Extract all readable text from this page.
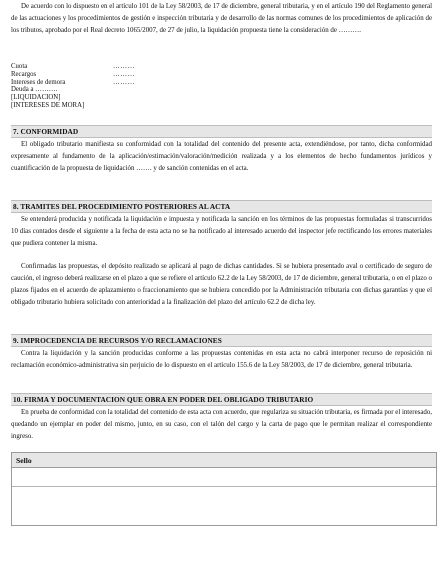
De acuerdo con lo dispuesto en el artículo 101 de la Ley 58/2003, de 17 de diciembre, general tributaria, y en el artículo 190 del Reglamento general de las actuaciones y los procedimientos de gestión e inspección tributaria y de desarrollo de las normas comunes de los procedimientos de aplicación de los tributos, aprobado por el Real decreto 1065/2007, de 27 de julio, la liquidación propuesta tiene la consideración de ……….

Cuota	………
Recargos	………
Intereses de demora	………
Deuda a ……….
[LIQUIDACION]
[INTERESES DE MORA]
7. CONFORMIDAD

El obligado tributario manifiesta su conformidad con la totalidad del contenido del presente acta, extendiéndose, por tanto, dicha conformidad expresamente al fundamento de la aplicación/estimación/valoración/medición realizada y a los elementos de hecho fundamentos jurídicos y cuantificación de la propuesta de liquidación ……. y de sanción contenidas en el acta.

8. TRAMITES DEL PROCEDIMIENTO POSTERIORES AL ACTA

Se entenderá producida y notificada la liquidación e impuesta y notificada la sanción en los términos de las propuestas formuladas si transcurridos 10 días contados desde el siguiente a la fecha de esta acta no se ha notificado al interesado acuerdo del inspector jefe rectificando los errores materiales que pudiera contener la misma.

Confirmadas las propuestas, el depósito realizado se aplicará al pago de dichas cantidades. Si se hubiera presentado aval o certificado de seguro de caución, el ingreso deberá realizarse en el plazo a que se refiere el artículo 62.2 de la Ley 58/2003, de 17 de diciembre, general tributaria, o en el plazo o plazos fijados en el acuerdo de aplazamiento o fraccionamiento que se hubiera concedido por la Administración tributaria con dichas garantías y que el obligado tributario hubiera solicitado con anterioridad a la finalización del plazo del artículo 62.2 de dicha ley.

9. IMPROCEDENCIA DE RECURSOS Y/O RECLAMACIONES

Contra la liquidación y la sanción producidas conforme a las propuestas contenidas en esta acta no cabrá interponer recurso de reposición ni reclamación económico-administrativa sin perjuicio de lo dispuesto en el artículo 155.6 de la Ley 58/2003, de 17 de diciembre, general tributaria.

10. FIRMA Y DOCUMENTACION QUE OBRA EN PODER DEL OBLIGADO TRIBUTARIO

En prueba de conformidad con la totalidad del contenido de esta acta con acuerdo, que regulariza su situación tributaria, es firmada por el interesado, quedando un ejemplar en poder del mismo, junto, en su caso, con el talón del cargo y la carta de pago que le permitan realizar el correspondiente ingreso.

Sello
